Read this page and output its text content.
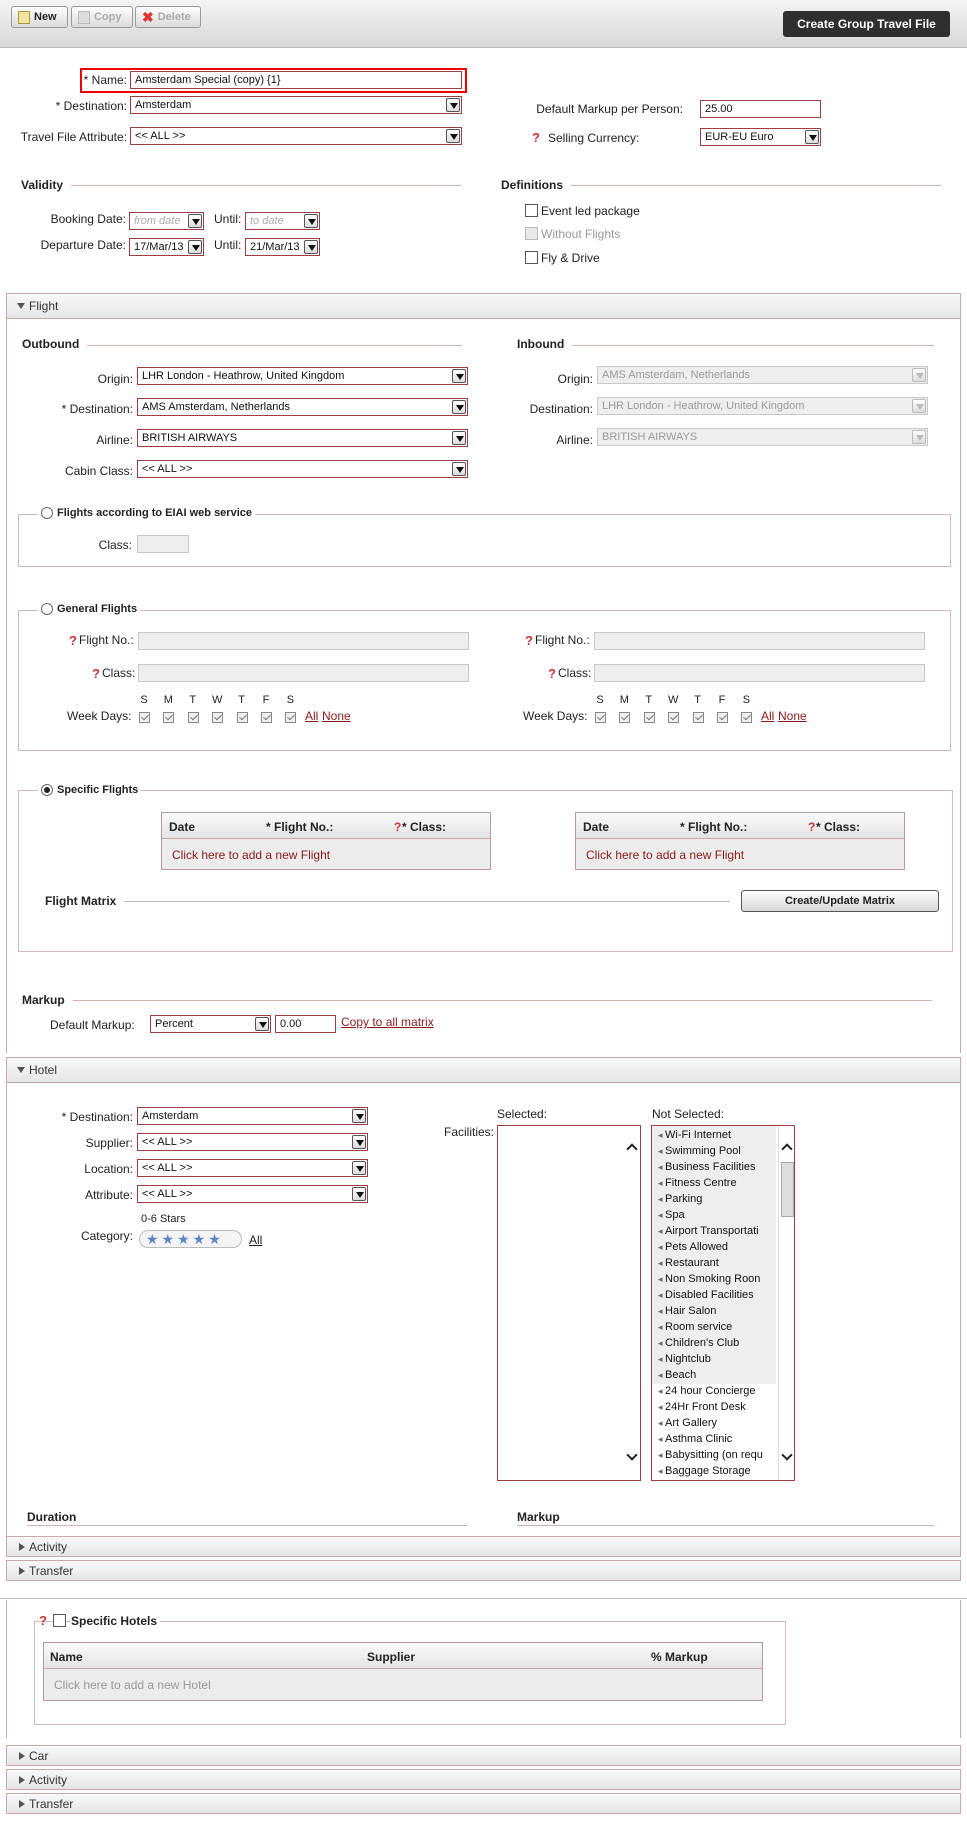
New	Copy ✖ Delete	Create Group Travel File
* Name: Amsterdam Special (copy) {1}
* Destination: Amsterdam
Travel File Attribute: << ALL >>
Default Markup per Person:	25.00
?
Selling Currency:	EUR-EU Euro
Validity
Booking Date: from date	Until: to date
Departure Date: 17/Mar/13	Until: 21/Mar/13
Definitions
Event led package
Without Flights
Fly & Drive
Flight
Outbound
Origin: LHR London - Heathrow, United Kingdom
* Destination: AMS Amsterdam, Netherlands
Airline: BRITISH AIRWAYS
Cabin Class: << ALL >>
Inbound
Origin: AMS Amsterdam, Netherlands
Destination: LHR London - Heathrow, United Kingdom
Airline: BRITISH AIRWAYS
Flights according to EIAI web service
Class:
General Flights
?
Flight No.:
?
Class:
Week Days:
S	M	T	W	T	F	S
All None
?
Flight No.:
?
Class:
Week Days:
S	M	T	W	T	F	S
All None
Specific Flights
Date	* Flight No.:	? * Class:
Click here to add a new Flight
Date	* Flight No.:	? * Class:
Click here to add a new Flight
Flight Matrix	Create/Update Matrix
Markup
Default Markup:	Percent	0.00	Copy to all matrix
Hotel
* Destination: Amsterdam
Supplier: << ALL >>
Location: << ALL >>
Attribute: << ALL >>
0-6 Stars
Category: ★★★★★	All
Selected:	Not Selected:
Facilities:
◂	Wi-Fi Internet
◂ Swimming Pool
◂ Business Facilities
◂ Fitness Centre
◂ Parking
◂ Spa
◂ Airport Transportati
◂ Pets Allowed
◂ Restaurant
◂ Non Smoking Roon
◂ Disabled Facilities
◂ Hair Salon
◂ Room service
◂ Children's Club
◂ Nightclub
◂ Beach
◂ 24 hour Concierge
◂ 24Hr Front Desk
◂ Art Gallery
◂ Asthma Clinic
◂ Babysitting (on requ
◂ Baggage Storage
Duration	Markup
Activity
Transfer
?
Specific Hotels
Name	Supplier	% Markup
Click here to add a new Hotel
Car
Activity
Transfer
